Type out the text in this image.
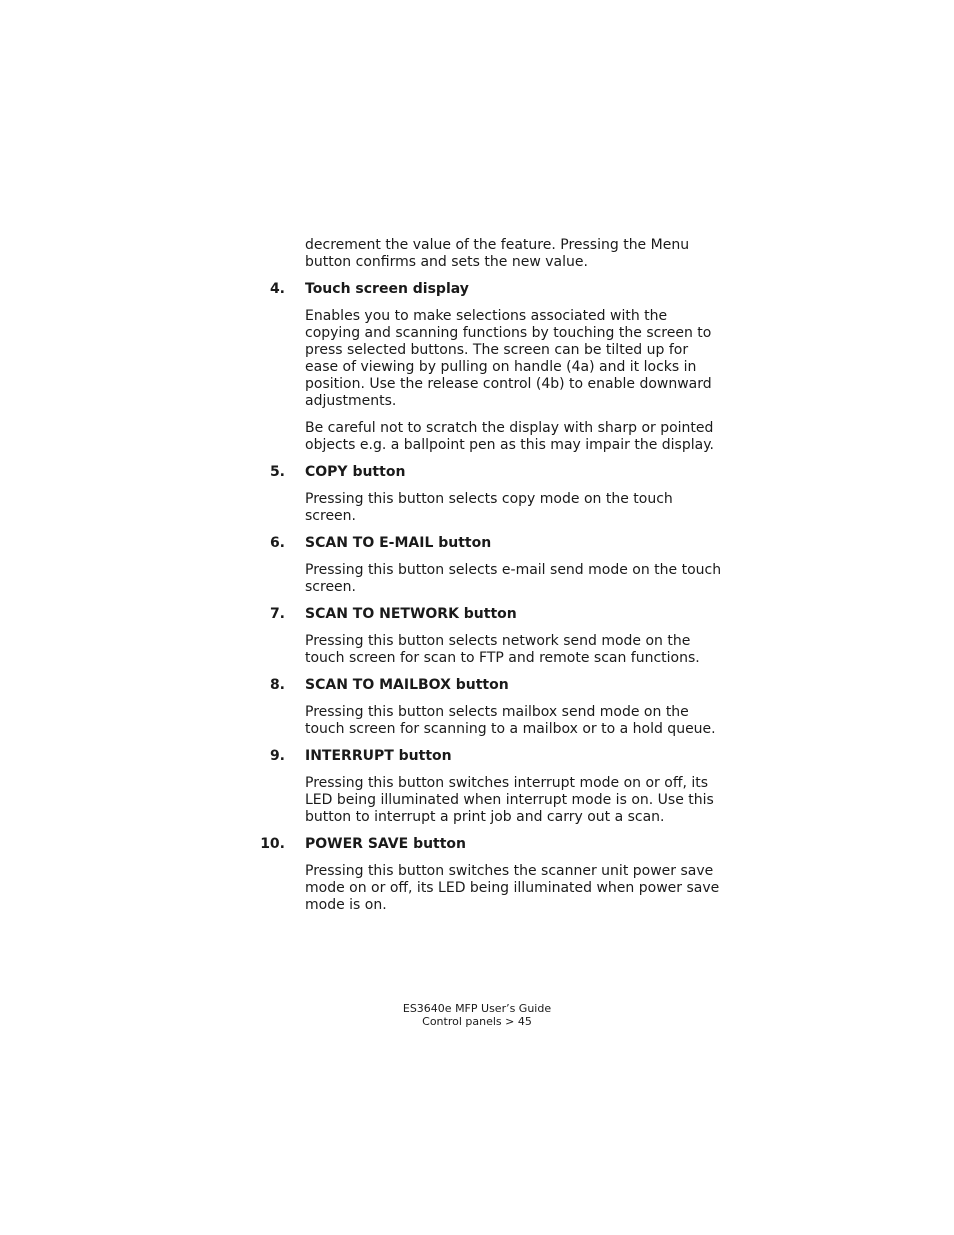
decrement the value of the feature. Pressing the Menu button confirms and sets the new value.

4. Touch screen display

Enables you to make selections associated with the copying and scanning functions by touching the screen to press selected buttons. The screen can be tilted up for ease of viewing by pulling on handle (4a) and it locks in position. Use the release control (4b) to enable downward adjustments.

Be careful not to scratch the display with sharp or pointed objects e.g. a ballpoint pen as this may impair the display.

5. COPY button

Pressing this button selects copy mode on the touch screen.

6. SCAN TO E-MAIL button

Pressing this button selects e-mail send mode on the touch screen.

7. SCAN TO NETWORK button

Pressing this button selects network send mode on the touch screen for scan to FTP and remote scan functions.

8. SCAN TO MAILBOX button

Pressing this button selects mailbox send mode on the touch screen for scanning to a mailbox or to a hold queue.

9. INTERRUPT button

Pressing this button switches interrupt mode on or off, its LED being illuminated when interrupt mode is on. Use this button to interrupt a print job and carry out a scan.

10. POWER SAVE button

Pressing this button switches the scanner unit power save mode on or off, its LED being illuminated when power save mode is on.

ES3640e MFP User’s Guide
Control panels > 45
